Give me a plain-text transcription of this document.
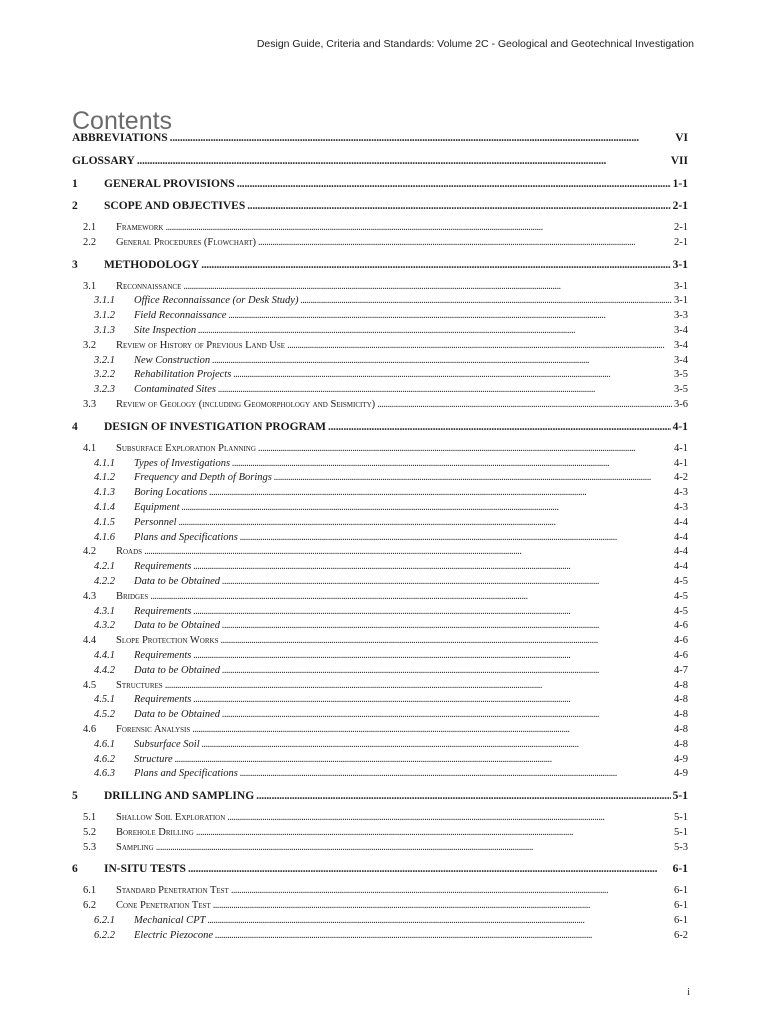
Design Guide, Criteria and Standards: Volume 2C - Geological and Geotechnical Investigation
Contents
ABBREVIATIONS . . .	VI
GLOSSARY . . .	VII
1	GENERAL PROVISIONS . . .	1-1
2	SCOPE AND OBJECTIVES . . .	2-1
2.1	Framework . . .	2-1
2.2	General Procedures (Flowchart) . . .	2-1
3	METHODOLOGY . . .	3-1
3.1	Reconnaissance . . .	3-1
3.1.1	Office Reconnaissance (or Desk Study) . . .	3-1
3.1.2	Field Reconnaissance . . .	3-3
3.1.3	Site Inspection . . .	3-4
3.2	Review of History of Previous Land Use . . .	3-4
3.2.1	New Construction . . .	3-4
3.2.2	Rehabilitation Projects . . .	3-5
3.2.3	Contaminated Sites . . .	3-5
3.3	Review of Geology (including Geomorphology and Seismicity) . . .	3-6
4	DESIGN OF INVESTIGATION PROGRAM . . .	4-1
4.1	Subsurface Exploration Planning . . .	4-1
4.1.1	Types of Investigations . . .	4-1
4.1.2	Frequency and Depth of Borings . . .	4-2
4.1.3	Boring Locations . . .	4-3
4.1.4	Equipment . . .	4-3
4.1.5	Personnel . . .	4-4
4.1.6	Plans and Specifications . . .	4-4
4.2	Roads . . .	4-4
4.2.1	Requirements . . .	4-4
4.2.2	Data to be Obtained . . .	4-5
4.3	Bridges . . .	4-5
4.3.1	Requirements . . .	4-5
4.3.2	Data to be Obtained . . .	4-6
4.4	Slope Protection Works . . .	4-6
4.4.1	Requirements . . .	4-6
4.4.2	Data to be Obtained . . .	4-7
4.5	Structures . . .	4-8
4.5.1	Requirements . . .	4-8
4.5.2	Data to be Obtained . . .	4-8
4.6	Forensic Analysis . . .	4-8
4.6.1	Subsurface Soil . . .	4-8
4.6.2	Structure . . .	4-9
4.6.3	Plans and Specifications . . .	4-9
5	DRILLING AND SAMPLING . . .	5-1
5.1	Shallow Soil Exploration . . .	5-1
5.2	Borehole Drilling . . .	5-1
5.3	Sampling . . .	5-3
6	IN-SITU TESTS . . .	6-1
6.1	Standard Penetration Test . . .	6-1
6.2	Cone Penetration Test . . .	6-1
6.2.1	Mechanical CPT . . .	6-1
6.2.2	Electric Piezocone . . .	6-2
i
